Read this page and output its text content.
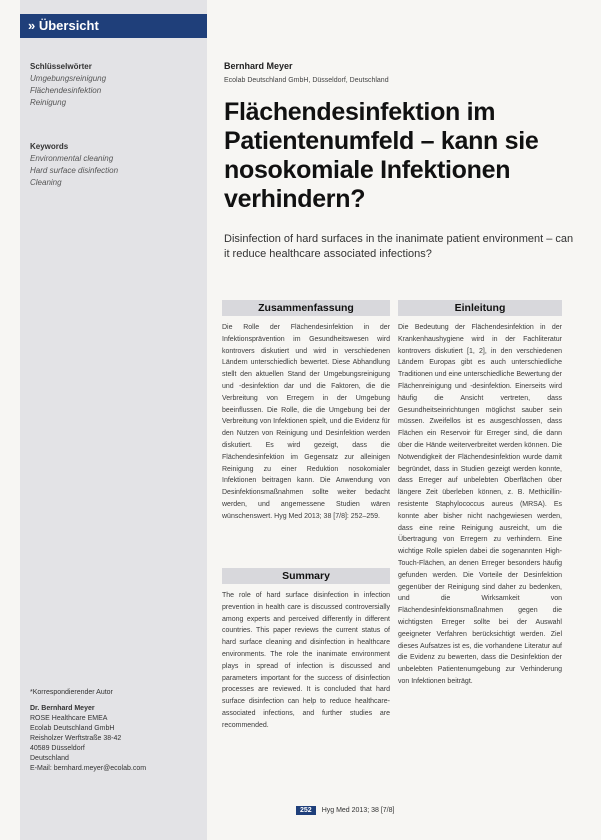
» Übersicht

Schlüsselwörter

Umgebungsreinigung

Flächendesinfektion

Reinigung

Keywords

Environmental cleaning

Hard surface disinfection

Cleaning

*Korrespondierender Autor

Dr. Bernhard Meyer

ROSE Healthcare EMEA

Ecolab Deutschland GmbH

Reisholzer Werftstraße 38-42

40589 Düsseldorf

Deutschland

E-Mail: bernhard.meyer@ecolab.com

Bernhard Meyer

Ecolab Deutschland GmbH, Düsseldorf, Deutschland

Flächendesinfektion im
Patientenumfeld – kann sie
nosokomiale Infektionen
verhindern?

Disinfection of hard surfaces in the inanimate patient environment – can it reduce healthcare associated infections?

Zusammenfassung

Die Rolle der Flächendesinfektion in der Infektionsprävention im Gesundheitswesen wird kontrovers diskutiert und wird in verschiedenen Ländern unterschiedlich bewertet. Diese Abhandlung stellt den aktuellen Stand der Umgebungsreinigung und -desinfektion dar und die Faktoren, die die Verbreitung von Erregern in der Umgebung beeinflussen. Die Rolle, die die Umgebung bei der Verbreitung von Infektionen spielt, und die Evidenz für den Nutzen von Reinigung und Desinfektion werden diskutiert. Es wird gezeigt, dass die Flächendesinfektion im Gegensatz zur alleinigen Reinigung zu einer Reduktion nosokomialer Infektionen beitragen kann. Die Anwendung von Desinfektionsmaßnahmen sollte weiter bedacht werden, und angemessene Studien wären wünschenswert. Hyg Med 2013; 38 [7/8]: 252–259.

Summary

The role of hard surface disinfection in infection prevention in health care is discussed controversially among experts and perceived differently in different countries. This paper reviews the current status of hard surface cleaning and disinfection in healthcare environments. The role the inanimate environment plays in spread of infection is discussed and parameters important for the success of disinfection processes are reviewed. It is concluded that hard surface disinfection can help to reduce healthcare-associated infections, and further studies are recommended.

Einleitung

Die Bedeutung der Flächendesinfektion in der Krankenhaushygiene wird in der Fachliteratur kontrovers diskutiert [1, 2], in den verschiedenen Ländern Europas gibt es auch unterschiedliche Traditionen und eine unterschiedliche Bewertung der Flächenreinigung und -desinfektion. Einerseits wird häufig die Ansicht vertreten, dass Gesundheitseinrichtungen möglichst sauber sein müssen. Zweifellos ist es ausgeschlossen, dass Flächen ein Reservoir für Erreger sind, die dann über die Hände weiterverbreitet werden können. Die Notwendigkeit der Flächendesinfektion wurde damit begründet, dass in Studien gezeigt werden konnte, dass Erreger auf unbelebten Oberflächen über längere Zeit überleben können, z. B. Methicillin-resistente Staphylococcus aureus (MRSA). Es konnte aber bisher nicht nachgewiesen werden, dass eine reine Reinigung ausreicht, um die Übertragung von Erregern zu verhindern. Eine wichtige Rolle spielen dabei die sogenannten High-Touch-Flächen, an denen Erreger besonders häufig gefunden werden. Die Vorteile der Desinfektion gegenüber der Reinigung sind daher zu bedenken, und die Wirksamkeit von Flächendesinfektionsmaßnahmen gegen die wichtigsten Erreger sollte bei der Auswahl geeigneter Verfahren berücksichtigt werden. Ziel dieses Aufsatzes ist es, die vorhandene Literatur auf die Evidenz zu bewerten, dass die Desinfektion der unbelebten Patientenumgebung zur Verhinderung von Infektionen beiträgt.

252	Hyg Med 2013; 38 [7/8]
